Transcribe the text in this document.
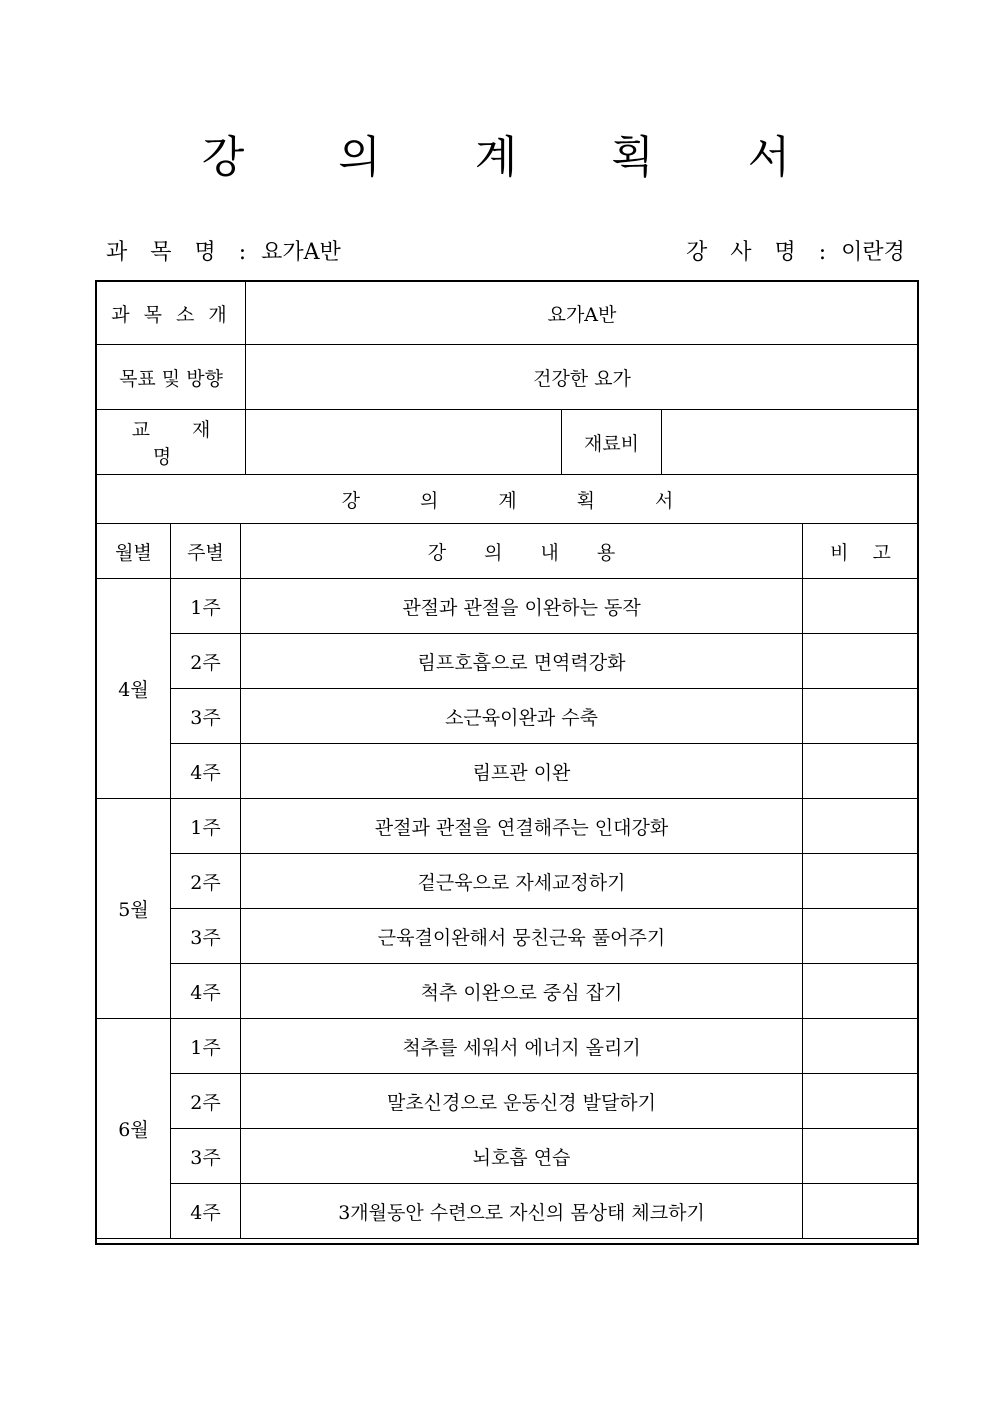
강 의 계 획 서
과 목 명 : 요가A반	강 사 명 : 이란경
과 목 소 개	요가A반		
목표 및 방향	건강한 요가		
교 재 명		재료비	
강의계획서			
월별	주별	강의내용	비고
4월	1주	관절과 관절을 이완하는 동작	
	2주	림프호흡으로 면역력강화	
	3주	소근육이완과 수축	
	4주	림프관 이완	
5월	1주	관절과 관절을 연결해주는 인대강화	
	2주	겉근육으로 자세교정하기	
	3주	근육결이완해서 뭉친근육 풀어주기	
	4주	척추 이완으로 중심 잡기	
6월	1주	척추를 세워서 에너지 올리기	
	2주	말초신경으로 운동신경 발달하기	
	3주	뇌호흡 연습	
	4주	3개월동안 수련으로 자신의 몸상태 체크하기	
